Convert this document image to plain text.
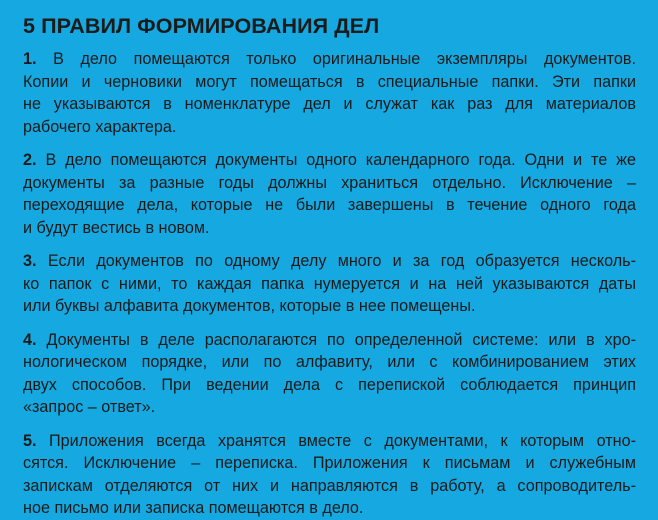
5 ПРАВИЛ ФОРМИРОВАНИЯ ДЕЛ
1. В дело помещаются только оригинальные экземпляры документов.
Копии и черновики могут помещаться в специальные папки. Эти папки
не указываются в номенклатуре дел и служат как раз для материалов
рабочего характера.
2. В дело помещаются документы одного календарного года. Одни и те же
документы за разные годы должны храниться отдельно. Исключение –
переходящие дела, которые не были завершены в течение одного года
и будут вестись в новом.
3. Если документов по одному делу много и за год образуется несколь-
ко папок с ними, то каждая папка нумеруется и на ней указываются даты
или буквы алфавита документов, которые в нее помещены.
4. Документы в деле располагаются по определенной системе: или в хро-
нологическом порядке, или по алфавиту, или с комбинированием этих
двух способов. При ведении дела с перепиской соблюдается принцип
«запрос – ответ».
5. Приложения всегда хранятся вместе с документами, к которым отно-
сятся. Исключение – переписка. Приложения к письмам и служебным
запискам отделяются от них и направляются в работу, а сопроводитель-
ное письмо или записка помещаются в дело.
